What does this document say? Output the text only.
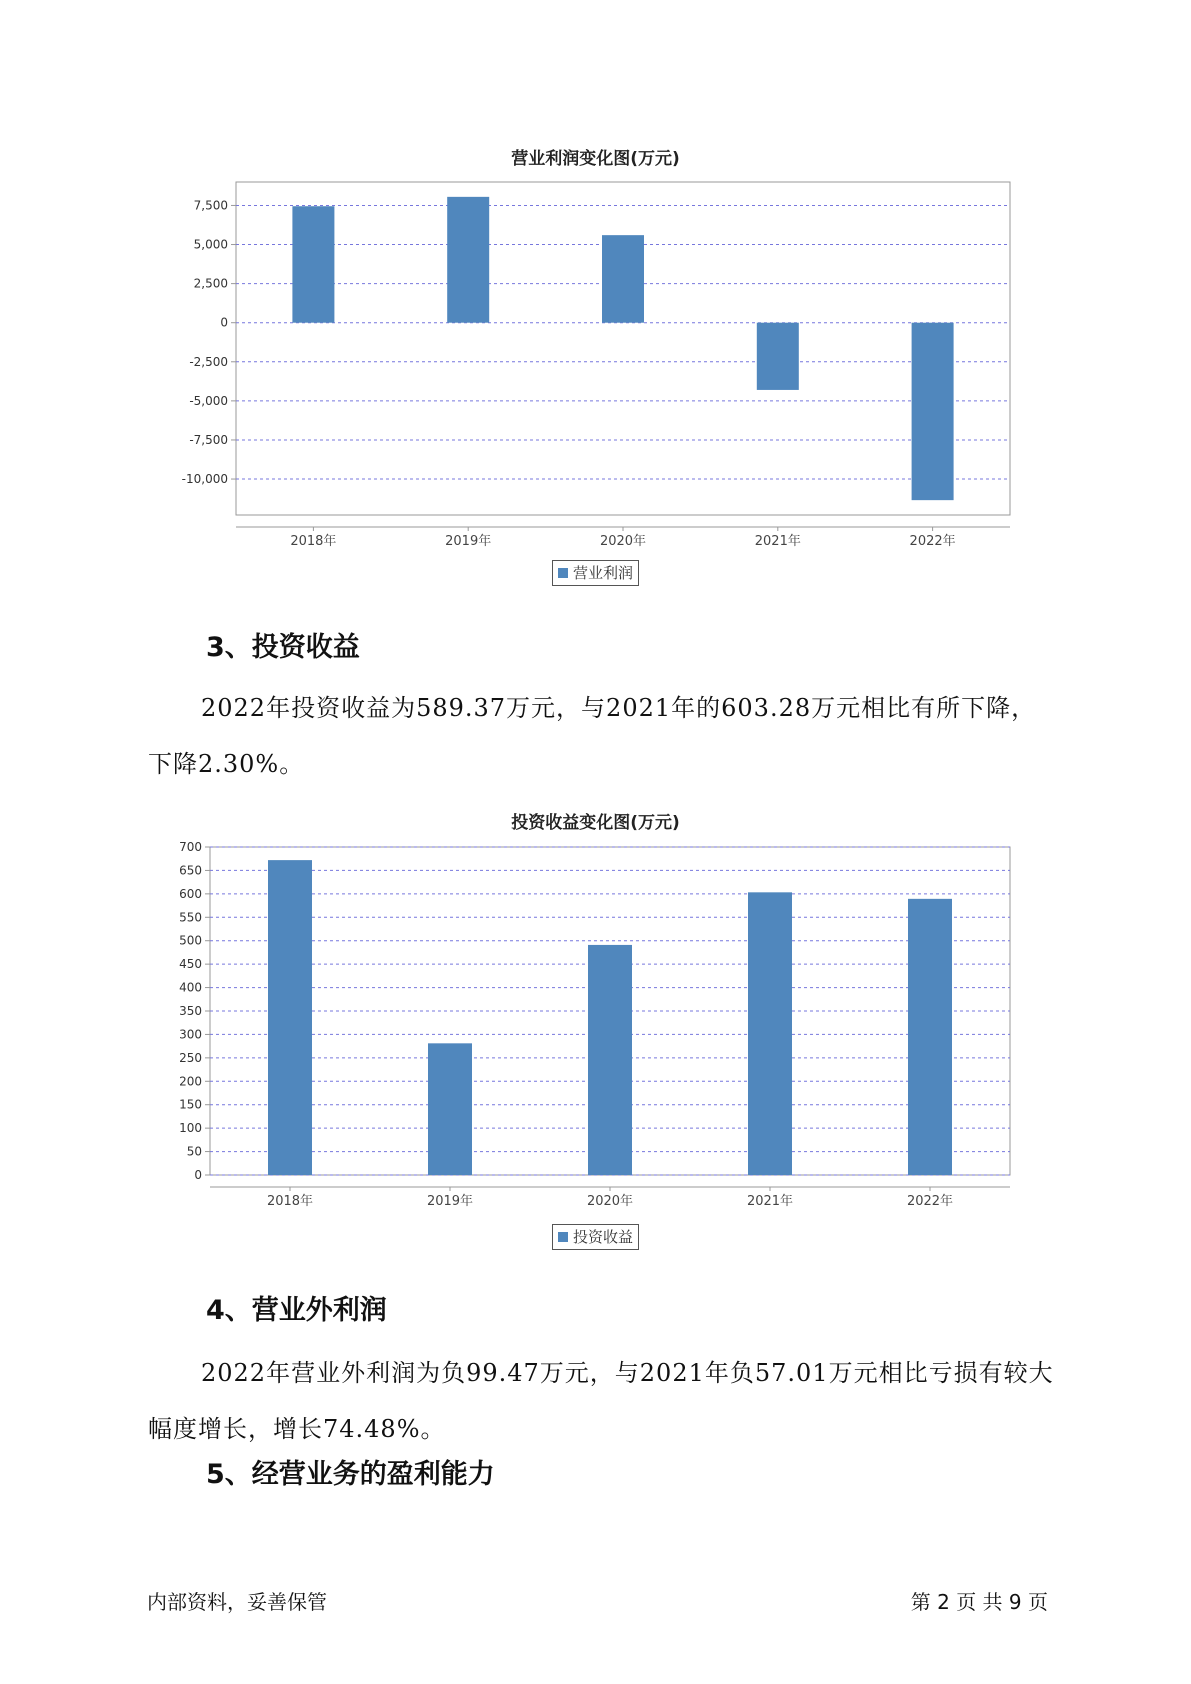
营业利润变化图(万元)
7,500
5,000
2,500
0
-2,500
-5,000
-7,500
-10,000
2018年	2019年	2020年	2021年	2022年
营业利润
3、投资收益

2022年投资收益为589.37万元，与2021年的603.28万元相比有所下降，下降2.30%。

投资收益变化图(万元)
0
50
100
150
200
250
300
350
400
450
500
550
600
650
700
2018年	2019年	2020年	2021年	2022年
投资收益
4、营业外利润

2022年营业外利润为负99.47万元，与2021年负57.01万元相比亏损有较大幅度增长，增长74.48%。

5、经营业务的盈利能力
内部资料，妥善保管	第 2 页 共 9 页
